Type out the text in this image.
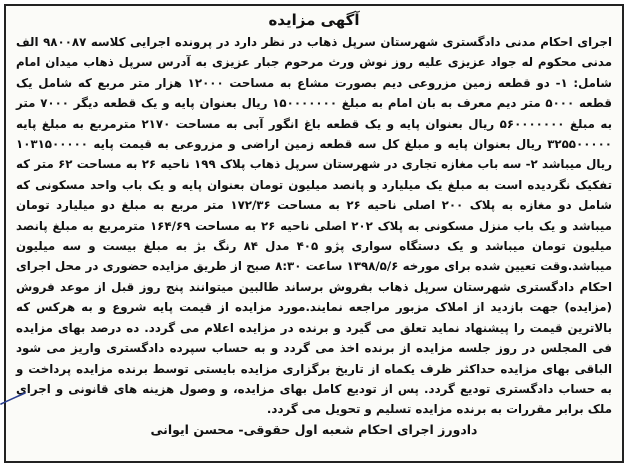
آگهی مزایده

اجرای احکام مدنی دادگستری شهرستان سرپل ذهاب در نظر دارد در پرونده اجرایی کلاسه ۹۸۰۰۸۷ الف مدنی محکوم له جواد عزیزی علیه روز نوش ورث مرحوم جبار عزیزی به آدرس سرپل ذهاب میدان امام شامل: ۱- دو قطعه زمین مزروعی دیم بصورت مشاع به مساحت ۱۲۰۰۰ هزار متر مربع که شامل یک قطعه ۵۰۰۰ متر دیم معرف به بان امام به مبلغ ۱۵۰۰۰۰۰۰۰ ریال بعنوان پایه و یک قطعه دیگر ۷۰۰۰ متر به مبلغ ۵۶۰۰۰۰۰۰۰ ریال بعنوان پایه و یک قطعه باغ انگور آبی به مساحت ۲۱۷۰ مترمربع به مبلغ پایه ۳۲۵۵۰۰۰۰۰ ریال بعنوان پایه و مبلغ کل سه قطعه زمین اراضی و مزروعی به قیمت پایه ۱۰۳۱۵۰۰۰۰۰ ریال میباشد ۲- سه باب مغازه تجاری در شهرستان سرپل ذهاب پلاک ۱۹۹ ناحیه ۲۶ به مساحت ۶۲ متر که تفکیک نگردیده است به مبلغ یک میلیارد و پانصد میلیون تومان بعنوان پایه و یک باب واحد مسکونی که شامل دو مغازه به پلاک ۲۰۰ اصلی ناحیه ۲۶ به مساحت ۱۷۲/۳۶ متر مربع به مبلغ دو میلیارد تومان میباشد و یک باب منزل مسکونی به پلاک ۲۰۲ اصلی ناحیه ۲۶ به مساحت ۱۶۴/۶۹ مترمربع به مبلغ پانصد میلیون تومان میباشد و یک دستگاه سواری پژو ۴۰۵ مدل ۸۴ رنگ بژ به مبلغ بیست و سه میلیون میباشد.وقت تعیین شده برای مورخه ۱۳۹۸/۵/۶ ساعت ۸:۳۰ صبح از طریق مزایده حضوری در محل اجرای احکام دادگستری شهرستان سرپل ذهاب بفروش برساند طالبین میتوانند پنج روز قبل از موعد فروش (مزایده) جهت بازدید از املاک مزبور مراجعه نمایند.مورد مزایده از قیمت پایه شروع و به هرکس که بالاترین قیمت را پیشنهاد نماید تعلق می گیرد و برنده در مزایده اعلام می گردد. ده درصد بهای مزایده فی المجلس در روز جلسه مزایده از برنده اخذ می گردد و به حساب سپرده دادگستری واریز می شود الباقی بهای مزایده حداکثر ظرف یکماه از تاریخ برگزاری مزایده بایستی توسط برنده مزایده پرداخت و به حساب دادگستری تودیع گردد. پس از تودیع کامل بهای مزایده، و وصول هزینه های قانونی و اجرای ملک برابر مقررات به برنده مزایده تسلیم و تحویل می گردد.

دادورز اجرای احکام شعبه اول حقوقی- محسن ایوانی
